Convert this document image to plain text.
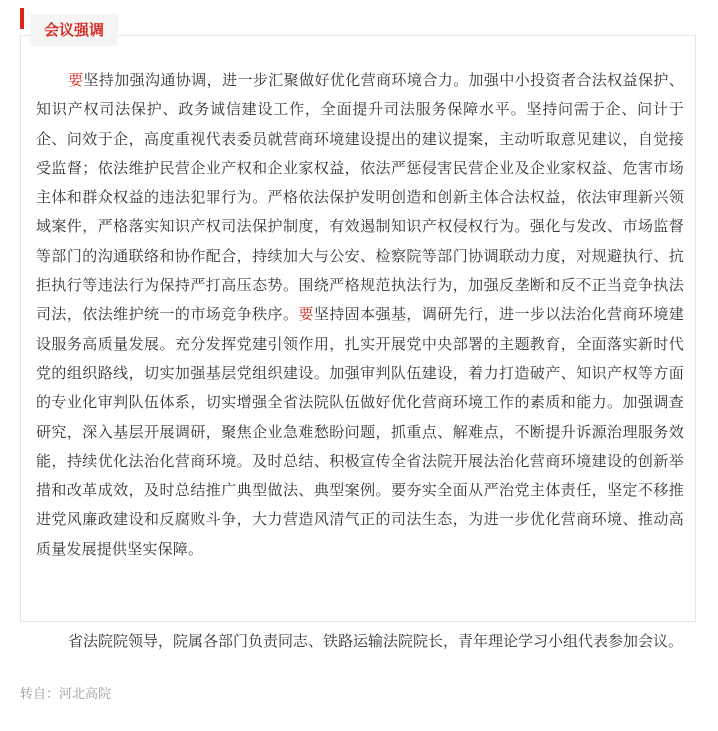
会议强调

要坚持加强沟通协调，进一步汇聚做好优化营商环境合力。加强中小投资者合法权益保护、知识产权司法保护、政务诚信建设工作，全面提升司法服务保障水平。坚持问需于企、问计于企、问效于企，高度重视代表委员就营商环境建设提出的建议提案，主动听取意见建议，自觉接受监督；依法维护民营企业产权和企业家权益，依法严惩侵害民营企业及企业家权益、危害市场主体和群众权益的违法犯罪行为。严格依法保护发明创造和创新主体合法权益，依法审理新兴领域案件，严格落实知识产权司法保护制度，有效遏制知识产权侵权行为。强化与发改、市场监督等部门的沟通联络和协作配合，持续加大与公安、检察院等部门协调联动力度，对规避执行、抗拒执行等违法行为保持严打高压态势。围绕严格规范执法行为，加强反垄断和反不正当竞争执法司法，依法维护统一的市场竞争秩序。要坚持固本强基，调研先行，进一步以法治化营商环境建设服务高质量发展。充分发挥党建引领作用，扎实开展党中央部署的主题教育，全面落实新时代党的组织路线，切实加强基层党组织建设。加强审判队伍建设，着力打造破产、知识产权等方面的专业化审判队伍体系，切实增强全省法院队伍做好优化营商环境工作的素质和能力。加强调查研究，深入基层开展调研，聚焦企业急难愁盼问题，抓重点、解难点，不断提升诉源治理服务效能，持续优化法治化营商环境。及时总结、积极宣传全省法院开展法治化营商环境建设的创新举措和改革成效，及时总结推广典型做法、典型案例。要夯实全面从严治党主体责任，坚定不移推进党风廉政建设和反腐败斗争，大力营造风清气正的司法生态，为进一步优化营商环境、推动高质量发展提供坚实保障。

省法院院领导，院属各部门负责同志、铁路运输法院院长，青年理论学习小组代表参加会议。

转自：河北高院
